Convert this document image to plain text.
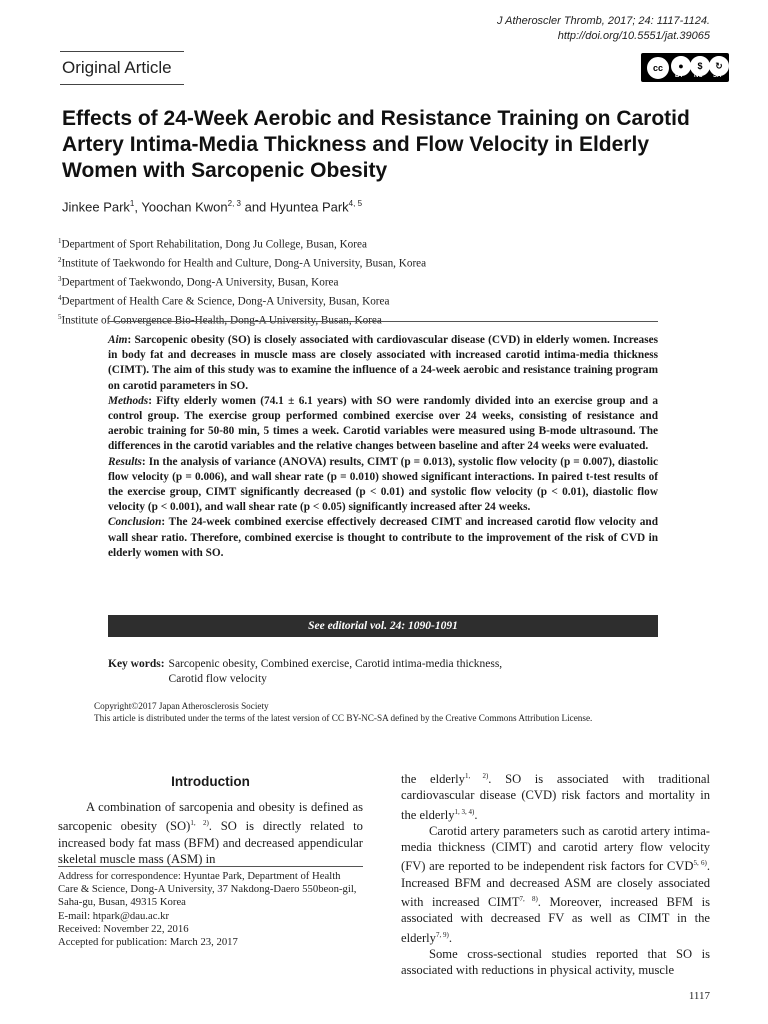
J Atheroscler Thromb, 2017; 24: 1117-1124.
http://doi.org/10.5551/jat.39065
Original Article	cc	●	$	↻
BY NC SA
Effects of 24-Week Aerobic and Resistance Training on Carotid Artery Intima-Media Thickness and Flow Velocity in Elderly Women with Sarcopenic Obesity
Jinkee Park$^1$, Yoochan Kwon$^{2, 3}$ and Hyuntea Park$^{4, 5}$
$^1$Department of Sport Rehabilitation, Dong Ju College, Busan, Korea
$^2$Institute of Taekwondo for Health and Culture, Dong-A University, Busan, Korea
$^3$Department of Taekwondo, Dong-A University, Busan, Korea
$^4$Department of Health Care & Science, Dong-A University, Busan, Korea
$^5$Institute of Convergence Bio-Health, Dong-A University, Busan, Korea
Aim: Sarcopenic obesity (SO) is closely associated with cardiovascular disease (CVD) in elderly women. Increases in body fat and decreases in muscle mass are closely associated with increased carotid intima-media thickness (CIMT). The aim of this study was to examine the influence of a 24-week aerobic and resistance training program on carotid parameters in SO.
Methods: Fifty elderly women (74.1 ± 6.1 years) with SO were randomly divided into an exercise group and a control group. The exercise group performed combined exercise over 24 weeks, consisting of resistance and aerobic training for 50-80 min, 5 times a week. Carotid variables were measured using B-mode ultrasound. The differences in the carotid variables and the relative changes between baseline and after 24 weeks were evaluated.
Results: In the analysis of variance (ANOVA) results, CIMT (p = 0.013), systolic flow velocity (p = 0.007), diastolic flow velocity (p = 0.006), and wall shear rate (p = 0.010) showed significant interactions. In paired t-test results of the exercise group, CIMT significantly decreased (p < 0.01) and systolic flow velocity (p < 0.01), diastolic flow velocity (p < 0.001), and wall shear rate (p < 0.05) significantly increased after 24 weeks.
Conclusion: The 24-week combined exercise effectively decreased CIMT and increased carotid flow velocity and wall shear ratio. Therefore, combined exercise is thought to contribute to the improvement of the risk of CVD in elderly women with SO.
See editorial vol. 24: 1090-1091
Key words: Sarcopenic obesity, Combined exercise, Carotid intima-media thickness,
Carotid flow velocity
Copyright©2017 Japan Atherosclerosis Society
This article is distributed under the terms of the latest version of CC BY-NC-SA defined by the Creative Commons Attribution License.
Introduction

A combination of sarcopenia and obesity is defined as sarcopenic obesity (SO)$^{1, 2)}$. SO is directly related to increased body fat mass (BFM) and decreased appendicular skeletal muscle mass (ASM) in

Address for correspondence: Hyuntae Park, Department of Health Care & Science, Dong-A University, 37 Nakdong-Daero 550beon-gil, Saha-gu, Busan, 49315 Korea
E-mail: htpark@dau.ac.kr
Received: November 22, 2016
Accepted for publication: March 23, 2017

the elderly$^{1, 2)}$. SO is associated with traditional cardiovascular disease (CVD) risk factors and mortality in the elderly$^{1, 3, 4)}$.

Carotid artery parameters such as carotid artery intima-media thickness (CIMT) and carotid artery flow velocity (FV) are reported to be independent risk factors for CVD$^{5, 6)}$. Increased BFM and decreased ASM are closely associated with increased CIMT$^{7, 8)}$. Moreover, increased BFM is associated with decreased FV as well as CIMT in the elderly$^{7, 9)}$.

Some cross-sectional studies reported that SO is associated with reductions in physical activity, muscle

1117
